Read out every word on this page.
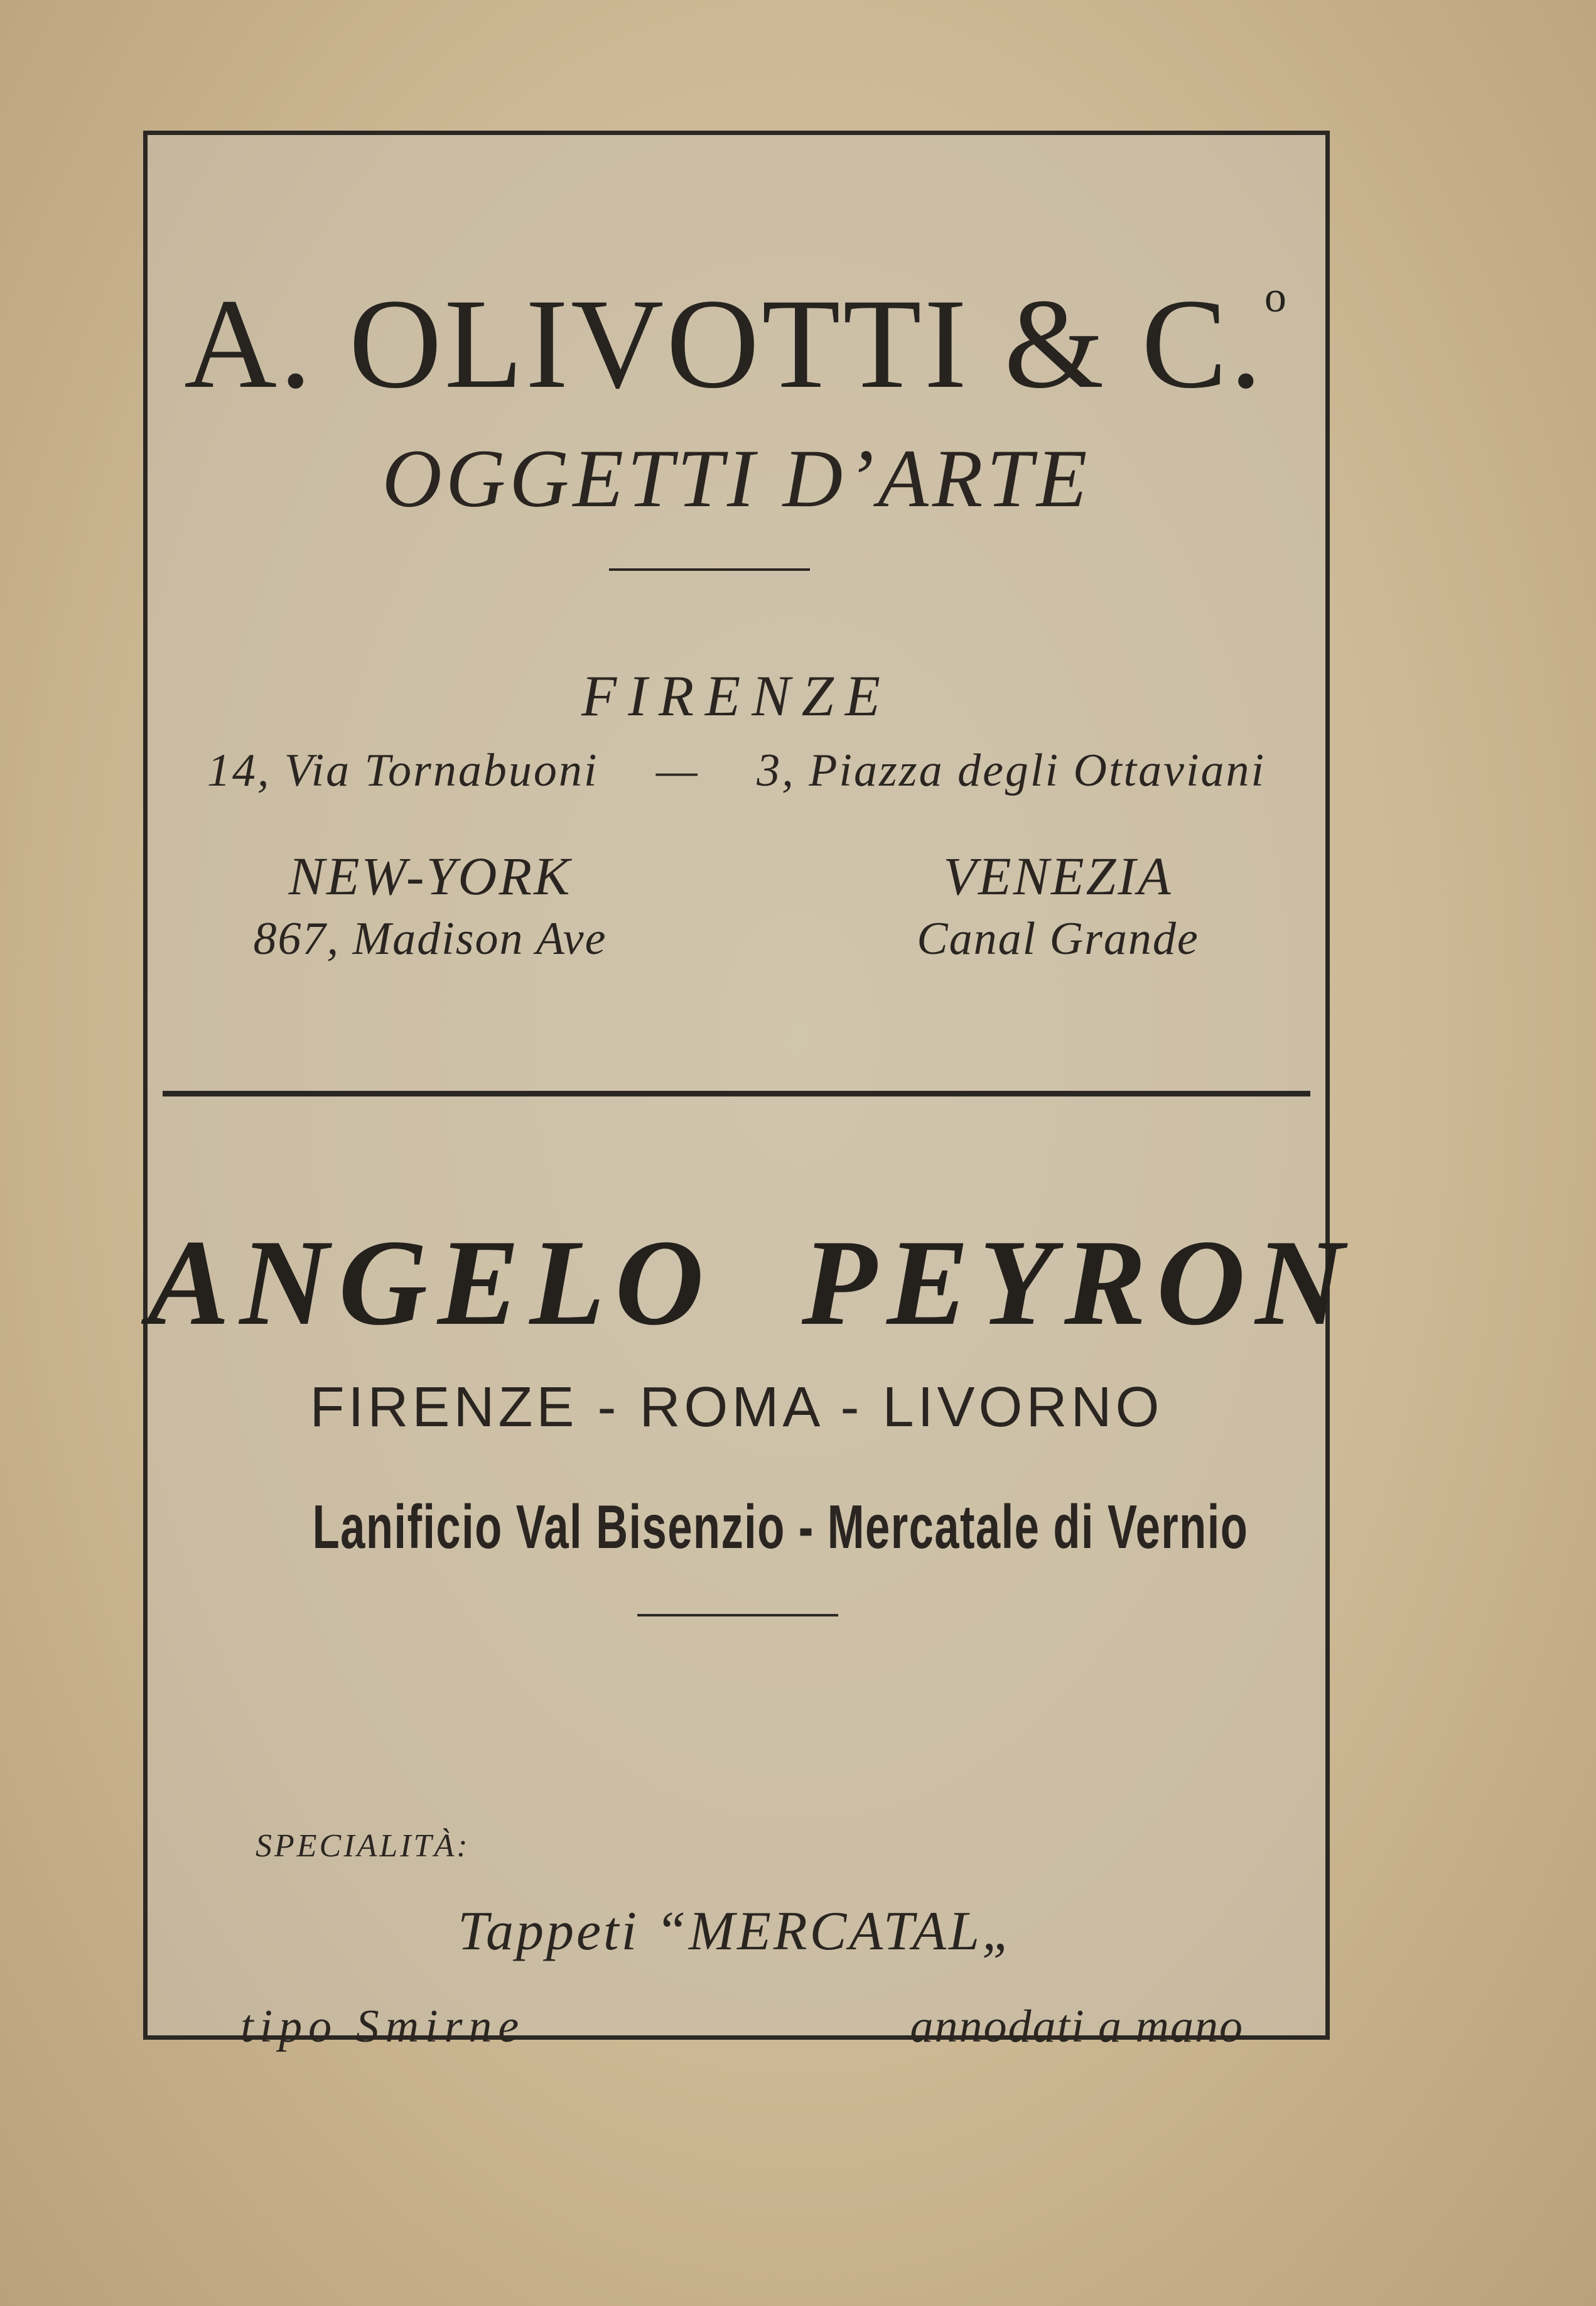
A. OLIVOTTI & C.$^o$
OGGETTI D’ARTE
FIRENZE
14, Via Tornabuoni — 3, Piazza degli Ottaviani
NEW-YORK
867, Madison Ave
VENEZIA
Canal Grande
ANGELO PEYRON
FIRENZE - ROMA - LIVORNO
Lanificio Val Bisenzio - Mercatale di Vernio
SPECIALITÀ:
Tappeti “MERCATAL„
tipo Smirne	annodati a mano
